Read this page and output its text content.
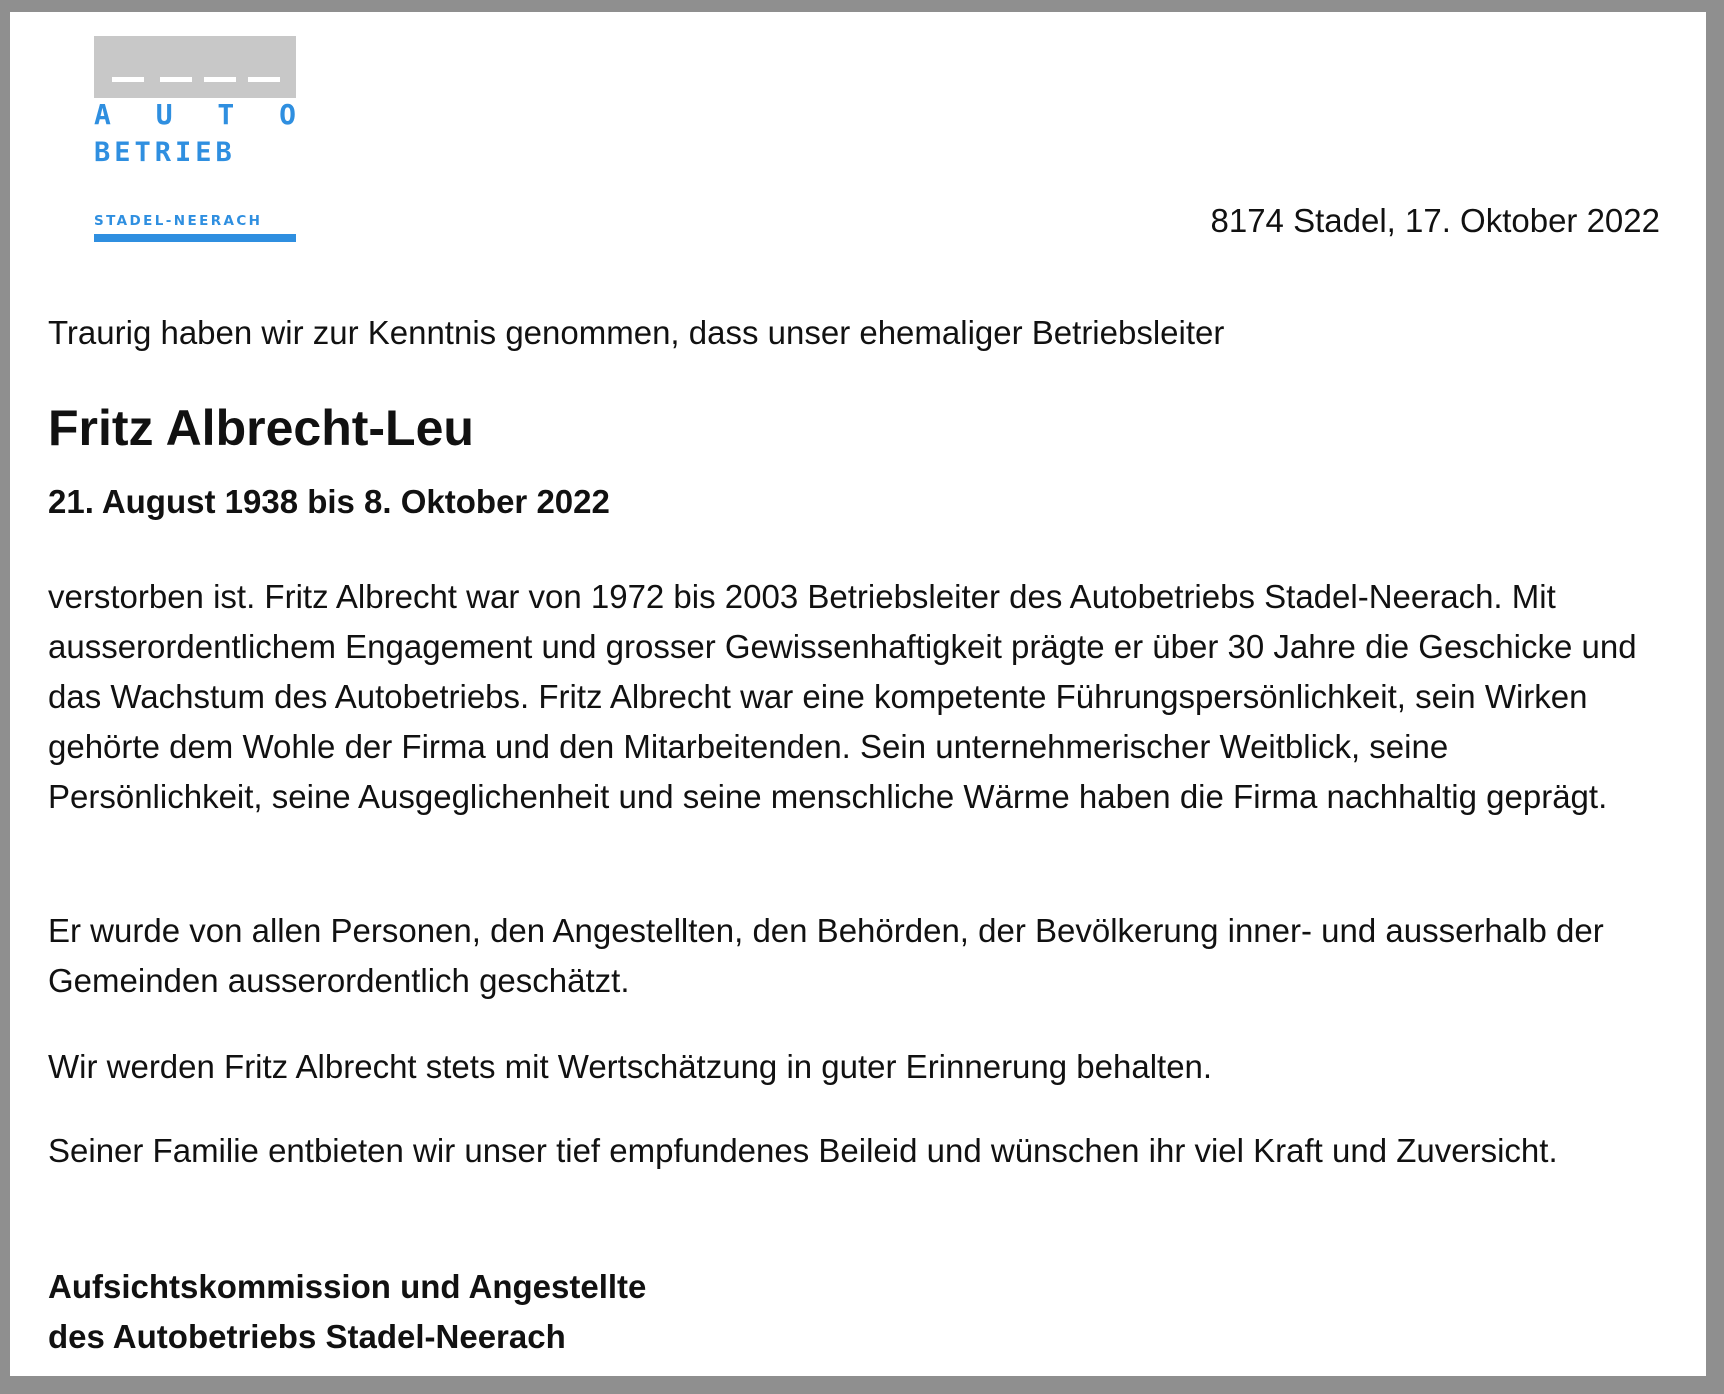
A U T O
BETRIEB
STADEL-NEERACH	8174 Stadel, 17. Oktober 2022

Traurig haben wir zur Kenntnis genommen, dass unser ehemaliger Betriebsleiter

Fritz Albrecht-Leu
21. August 1938 bis 8. Oktober 2022

verstorben ist. Fritz Albrecht war von 1972 bis 2003 Betriebsleiter des Autobetriebs Stadel-Neerach. Mit ausserordentlichem Engagement und grosser Gewissenhaftigkeit prägte er über 30 Jahre die Geschicke und das Wachstum des Autobetriebs. Fritz Albrecht war eine kompetente Führungspersönlichkeit, sein Wirken gehörte dem Wohle der Firma und den Mitarbeitenden. Sein unternehmerischer Weitblick, seine Persönlichkeit, seine Ausgeglichenheit und seine menschliche Wärme haben die Firma nachhaltig geprägt.

Er wurde von allen Personen, den Angestellten, den Behörden, der Bevölkerung inner- und ausserhalb der Gemeinden ausserordentlich geschätzt.

Wir werden Fritz Albrecht stets mit Wertschätzung in guter Erinnerung behalten.

Seiner Familie entbieten wir unser tief empfundenes Beileid und wünschen ihr viel Kraft und Zuversicht.

Aufsichtskommission und Angestellte
des Autobetriebs Stadel-Neerach
